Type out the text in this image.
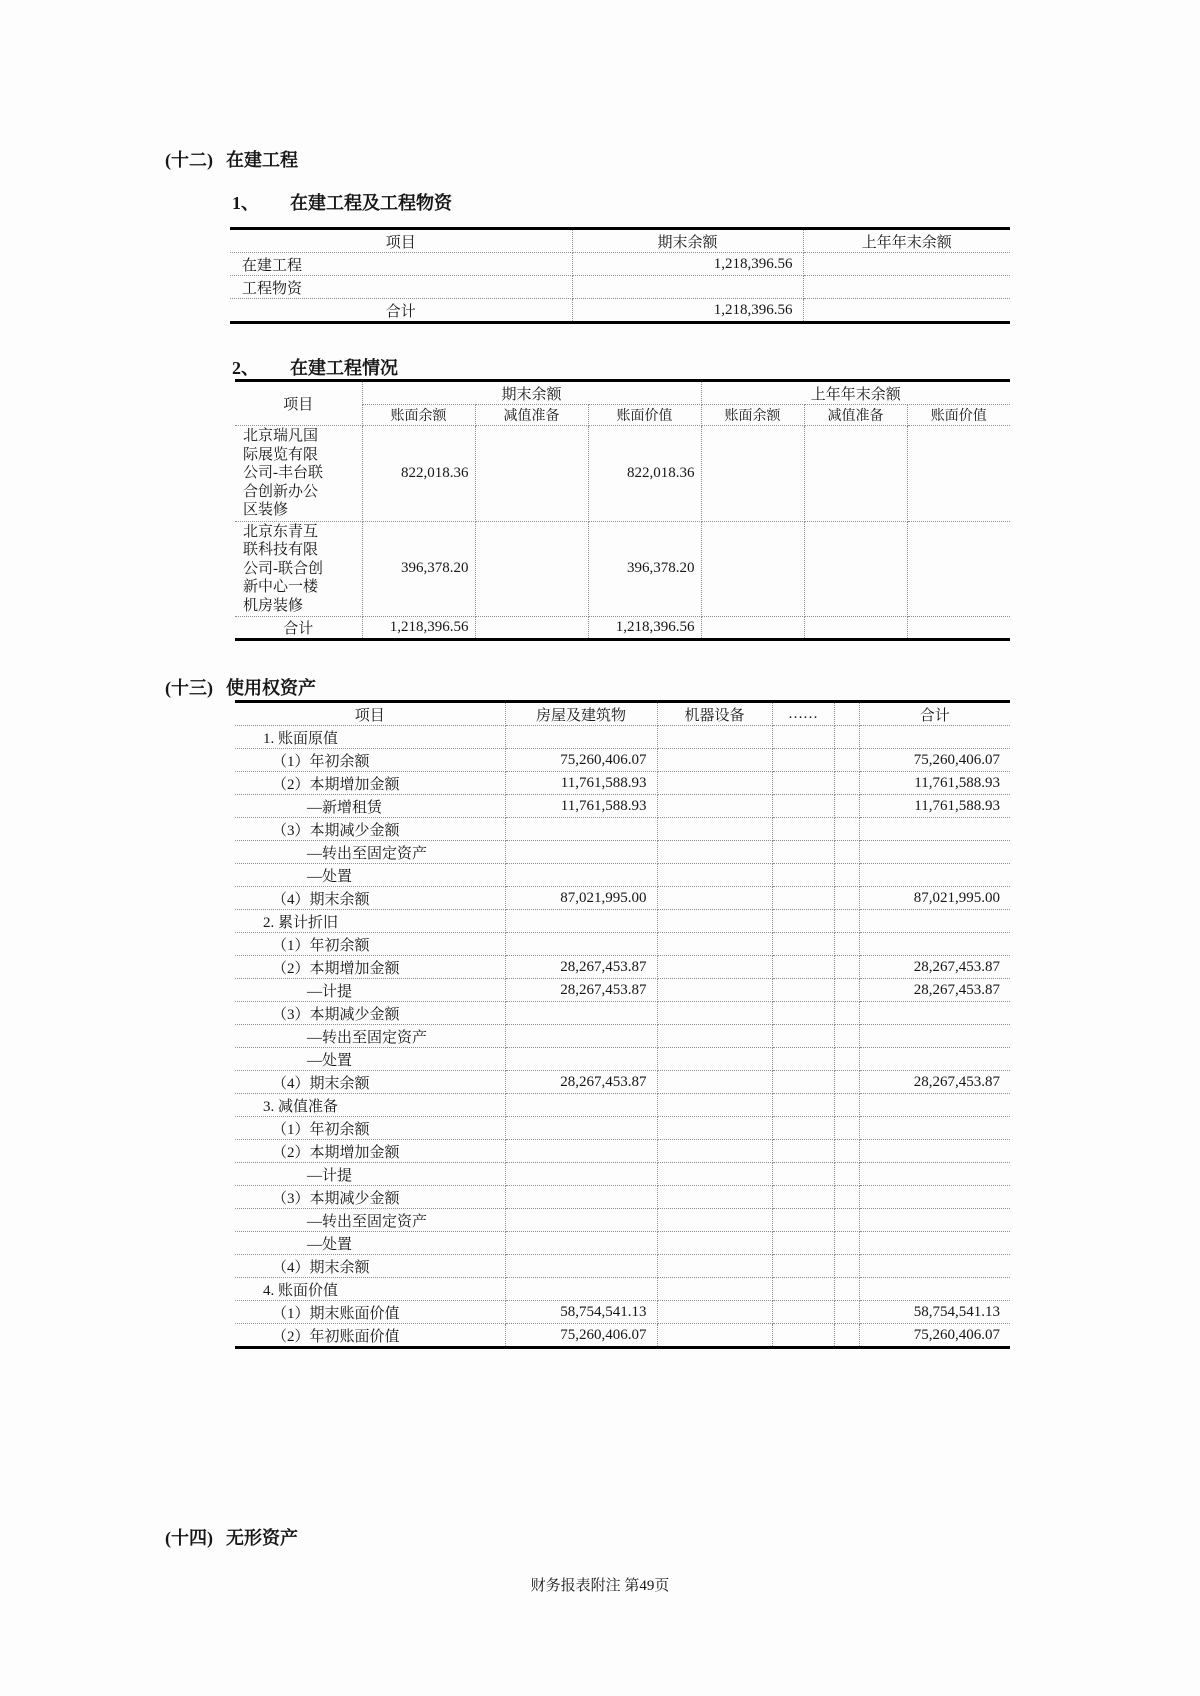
(十二) 在建工程
1、 在建工程及工程物资
项目	期末余额	上年年末余额
在建工程	1,218,396.56	
工程物资		
合计	1,218,396.56	
2、 在建工程情况
项目	期末余额			上年年末余额		
	账面余额	减值准备	账面价值	账面余额	减值准备	账面价值
北京瑞凡国际展览有限公司-丰台联合创新办公区装修	822,018.36		822,018.36			
北京东青互联科技有限公司-联合创新中心一楼机房装修	396,378.20		396,378.20			
合计	1,218,396.56		1,218,396.56			
(十三) 使用权资产
项目	房屋及建筑物	机器设备	……		合计
1. 账面原值					
（1）年初余额	75,260,406.07				75,260,406.07
（2）本期增加金额	11,761,588.93				11,761,588.93
—新增租赁	11,761,588.93				11,761,588.93
（3）本期减少金额					
—转出至固定资产					
—处置					
（4）期末余额	87,021,995.00				87,021,995.00
2. 累计折旧					
（1）年初余额					
（2）本期增加金额	28,267,453.87				28,267,453.87
—计提	28,267,453.87				28,267,453.87
（3）本期减少金额					
—转出至固定资产					
—处置					
（4）期末余额	28,267,453.87				28,267,453.87
3. 减值准备					
（1）年初余额					
（2）本期增加金额					
—计提					
（3）本期减少金额					
—转出至固定资产					
—处置					
（4）期末余额					
4. 账面价值					
（1）期末账面价值	58,754,541.13				58,754,541.13
（2）年初账面价值	75,260,406.07				75,260,406.07
(十四) 无形资产
财务报表附注 第49页
